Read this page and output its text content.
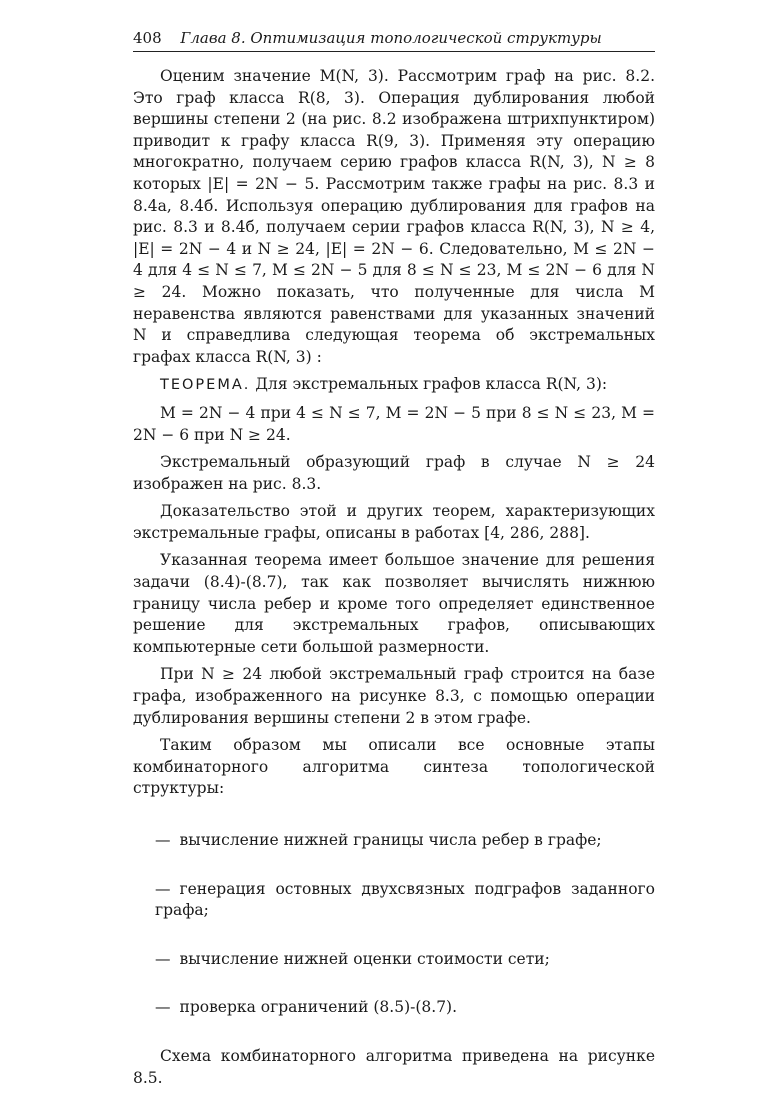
408 Глава 8. Оптимизация топологической структуры

Оценим значение M(N, 3). Рассмотрим граф на рис. 8.2. Это граф класса R(8, 3). Операция дублирования любой вершины степени 2 (на рис. 8.2 изображена штрихпунктиром) приводит к графу класса R(9, 3). Применяя эту операцию многократно, получаем серию графов класса R(N, 3), N ≥ 8 которых |E| = 2N − 5. Рассмотрим также графы на рис. 8.3 и 8.4а, 8.4б. Используя операцию дублирования для графов на рис. 8.3 и 8.4б, получаем серии графов класса R(N, 3), N ≥ 4, |E| = 2N − 4 и N ≥ 24, |E| = 2N − 6. Следовательно, M ≤ 2N − 4 для 4 ≤ N ≤ 7, M ≤ 2N − 5 для 8 ≤ N ≤ 23, M ≤ 2N − 6 для N ≥ 24. Можно показать, что полученные для числа M неравенства являются равенствами для указанных значений N и справедлива следующая теорема об экстремальных графах класса R(N, 3) :

ТЕОРЕМА. Для экстремальных графов класса R(N, 3):

M = 2N − 4 при 4 ≤ N ≤ 7, M = 2N − 5 при 8 ≤ N ≤ 23, M = 2N − 6 при N ≥ 24.

Экстремальный образующий граф в случае N ≥ 24 изображен на рис. 8.3.

Доказательство этой и других теорем, характеризующих экстремальные графы, описаны в работах [4, 286, 288].

Указанная теорема имеет большое значение для решения задачи (8.4)-(8.7), так как позволяет вычислять нижнюю границу числа ребер и кроме того определяет единственное решение для экстремальных графов, описывающих компьютерные сети большой размерности.

При N ≥ 24 любой экстремальный граф строится на базе графа, изображенного на рисунке 8.3, с помощью операции дублирования вершины степени 2 в этом графе.

Таким образом мы описали все основные этапы комбинаторного алгоритма синтеза топологической структуры:

— вычисление нижней границы числа ребер в графе;
— генерация остовных двухсвязных подграфов заданного графа;
— вычисление нижней оценки стоимости сети;
— проверка ограничений (8.5)-(8.7).

Схема комбинаторного алгоритма приведена на рисунке 8.5.
